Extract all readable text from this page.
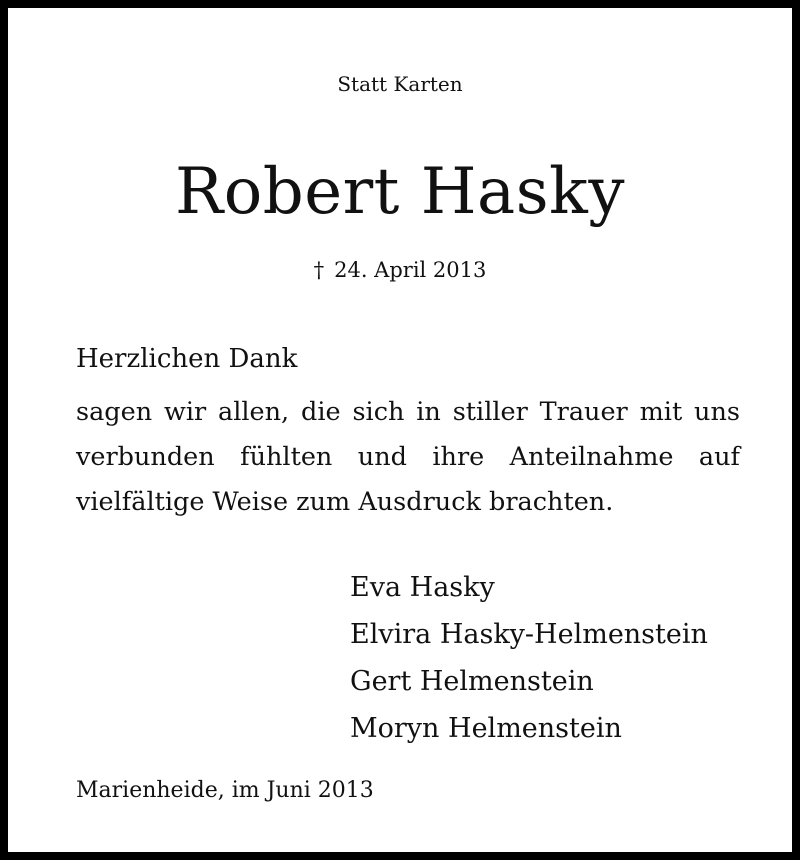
Statt Karten
Robert Hasky
† 24. April 2013
Herzlichen Dank
sagen wir allen, die sich in stiller Trauer mit uns verbunden fühlten und ihre Anteilnahme auf vielfältige Weise zum Ausdruck brachten.
Eva Hasky
Elvira Hasky-Helmenstein
Gert Helmenstein
Moryn Helmenstein
Marienheide, im Juni 2013
